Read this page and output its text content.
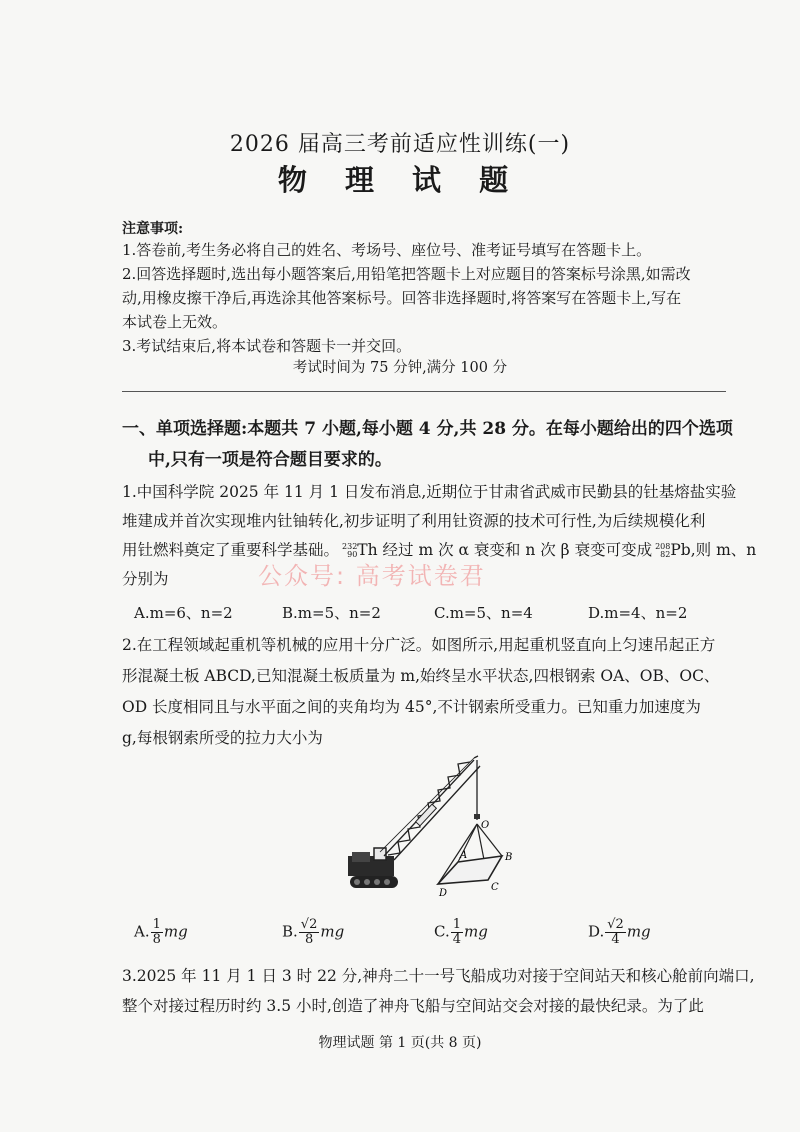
2026 届高三考前适应性训练(一)
物 理 试 题
注意事项:
1.答卷前,考生务必将自己的姓名、考场号、座位号、准考证号填写在答题卡上。
2.回答选择题时,选出每小题答案后,用铅笔把答题卡上对应题目的答案标号涂黑,如需改
动,用橡皮擦干净后,再选涂其他答案标号。回答非选择题时,将答案写在答题卡上,写在
本试卷上无效。
3.考试结束后,将本试卷和答题卡一并交回。
考试时间为 75 分钟,满分 100 分
一、单项选择题:本题共 7 小题,每小题 4 分,共 28 分。在每小题给出的四个选项
中,只有一项是符合题目要求的。
1.中国科学院 2025 年 11 月 1 日发布消息,近期位于甘肃省武威市民勤县的钍基熔盐实验
堆建成并首次实现堆内钍铀转化,初步证明了利用钍资源的技术可行性,为后续规模化利
用钍燃料奠定了重要科学基础。 232
90 Th 经过 m 次 α 衰变和 n 次 β 衰变可变成 208
82 Pb,则 m、n
分别为	公众号: 高考试卷君
A.m=6、n=2	B.m=5、n=2	C.m=5、n=4	D.m=4、n=2
2.在工程领域起重机等机械的应用十分广泛。如图所示,用起重机竖直向上匀速吊起正方
形混凝土板 ABCD,已知混凝土板质量为 m,始终呈水平状态,四根钢索 OA、OB、OC、
OD 长度相同且与水平面之间的夹角均为 45°,不计钢索所受重力。已知重力加速度为
g,每根钢索所受的拉力大小为
O
A	B
C
D
A. $\frac{1}{8}$ mg	B. $\frac{√2}{8}$ mg	C. $\frac{1}{4}$ mg	D. $\frac{√2}{4}$ mg
3.2025 年 11 月 1 日 3 时 22 分,神舟二十一号飞船成功对接于空间站天和核心舱前向端口,
整个对接过程历时约 3.5 小时,创造了神舟飞船与空间站交会对接的最快纪录。为了此
物理试题 第 1 页(共 8 页)
